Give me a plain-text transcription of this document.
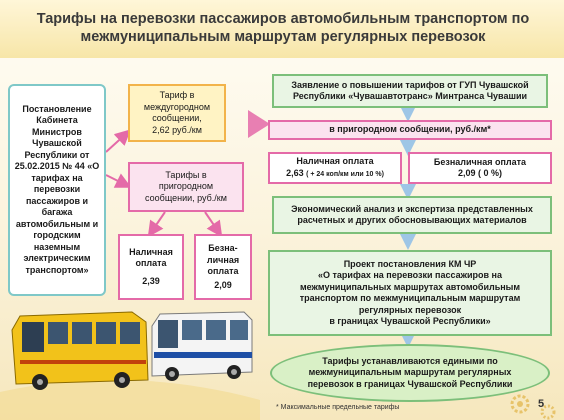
Тарифы на перевозки пассажиров автомобильным транспортом по межмуниципальным маршрутам регулярных перевозок
Постановление Кабинета Министров Чувашской Республики от 25.02.2015 № 44 «О тарифах на перевозки пассажиров и багажа автомобильным и городским наземным электрическим транспортом»
Тариф в междугородном сообщении,
2,62 руб./км
Тарифы в пригородном сообщении, руб./км
Наличная оплата
2,39
Безна-личная оплата
2,09
Заявление о повышении тарифов от ГУП Чувашской Республики «Чувашавтотранс» Минтранса Чувашии
в пригородном сообщении, руб./км*
Наличная оплата
2,63 ( + 24 коп/км или 10 %)
Безналичная оплата
2,09 ( 0 %)
Экономический анализ и экспертиза представленных расчетных и других обосновывающих материалов
Проект постановления КМ ЧР
«О тарифах на перевозки пассажиров на межмуниципальных маршрутах автомобильным транспортом по межмуниципальным маршрутам регулярных перевозок
в границах Чувашской Республики»
Тарифы устанавливаются едиными по межмуниципальным маршрутам регулярных перевозок в границах Чувашской Республики
* Максимальные предельные тарифы	5
